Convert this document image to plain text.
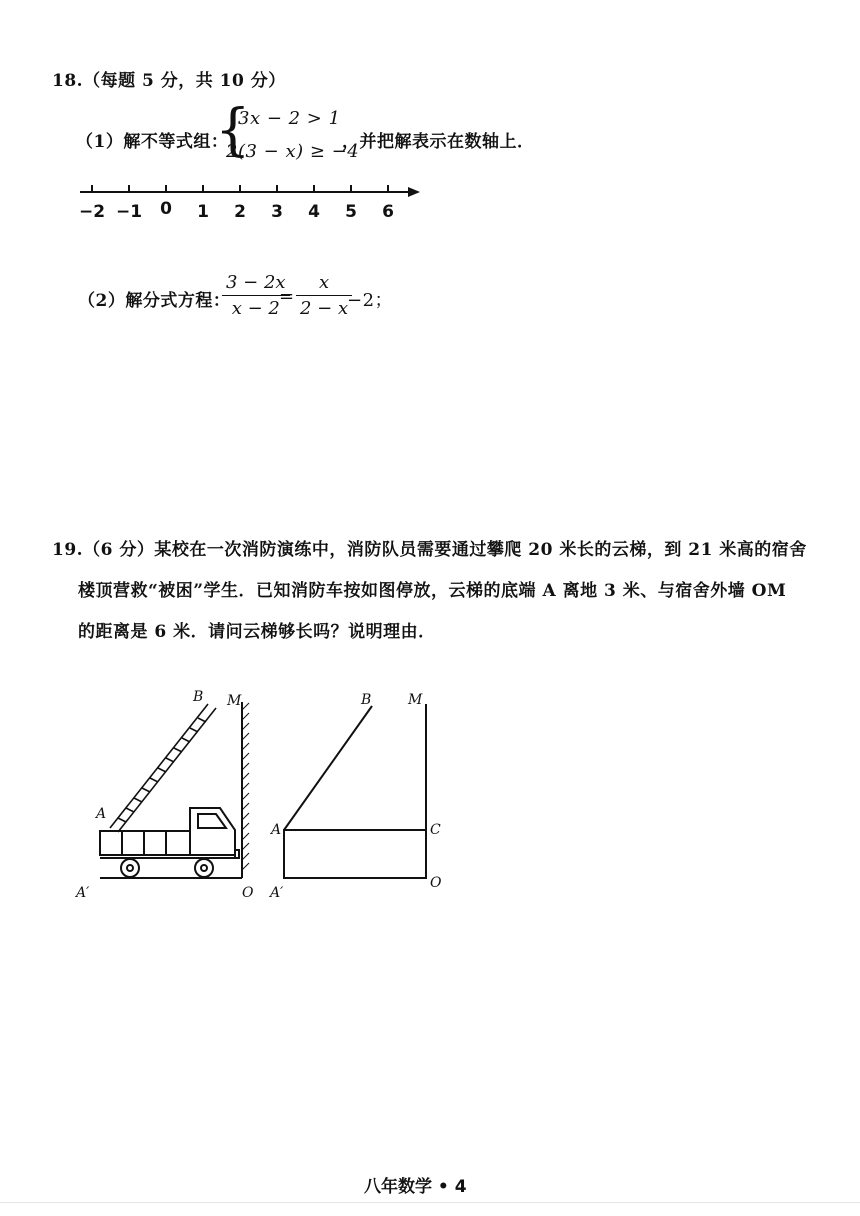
18.（每题 5 分，共 10 分）
（1）解不等式组：
{
3x − 2 > 1
2(3 − x) ≥ −4
，并把解表示在数轴上．
−2 −1	0	1	2	3	4	5	6
（2）解分式方程：
3 − 2x
x − 2
=
x
2 − x
−2；
19.（6 分）某校在一次消防演练中，消防队员需要通过攀爬 20 米长的云梯，到 21 米高的宿舍
楼顶营救“被困”学生．已知消防车按如图停放，云梯的底端 A 离地 3 米、与宿舍外墙 OM
的距离是 6 米．请问云梯够长吗？说明理由．
B M
A
A′	O
B	M
A	C
A′
O
八年数学 • 4
